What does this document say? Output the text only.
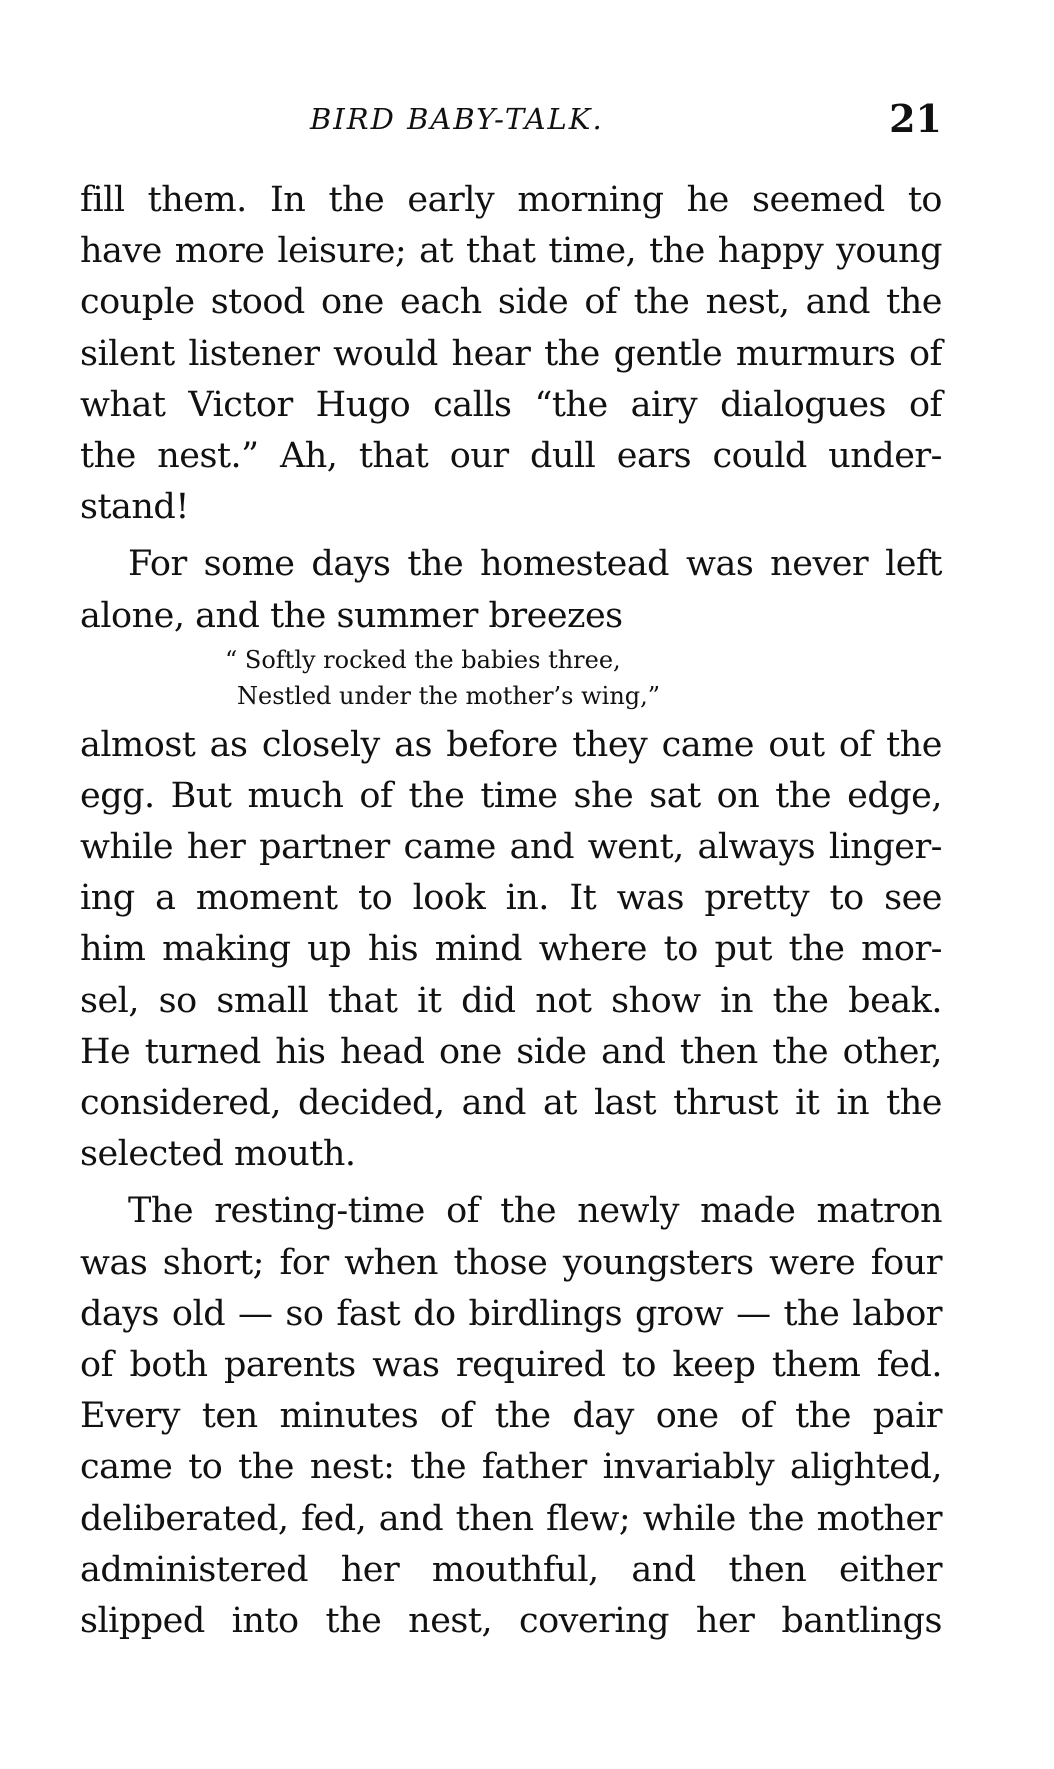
BIRD BABY-TALK.	21
fill them. In the early morning he seemed to
have more leisure; at that time, the happy young
couple stood one each side of the nest, and the
silent listener would hear the gentle murmurs of
what Victor Hugo calls “the airy dialogues of
the nest.” Ah, that our dull ears could under-
stand!
For some days the homestead was never left
alone, and the summer breezes
“ Softly rocked the babies three,
Nestled under the mother’s wing,”
almost as closely as before they came out of the
egg. But much of the time she sat on the edge,
while her partner came and went, always linger-
ing a moment to look in. It was pretty to see
him making up his mind where to put the mor-
sel, so small that it did not show in the beak.
He turned his head one side and then the other,
considered, decided, and at last thrust it in the
selected mouth.
The resting-time of the newly made matron
was short; for when those youngsters were four
days old — so fast do birdlings grow — the labor
of both parents was required to keep them fed.
Every ten minutes of the day one of the pair
came to the nest: the father invariably alighted,
deliberated, fed, and then flew; while the mother
administered her mouthful, and then either
slipped into the nest, covering her bantlings
